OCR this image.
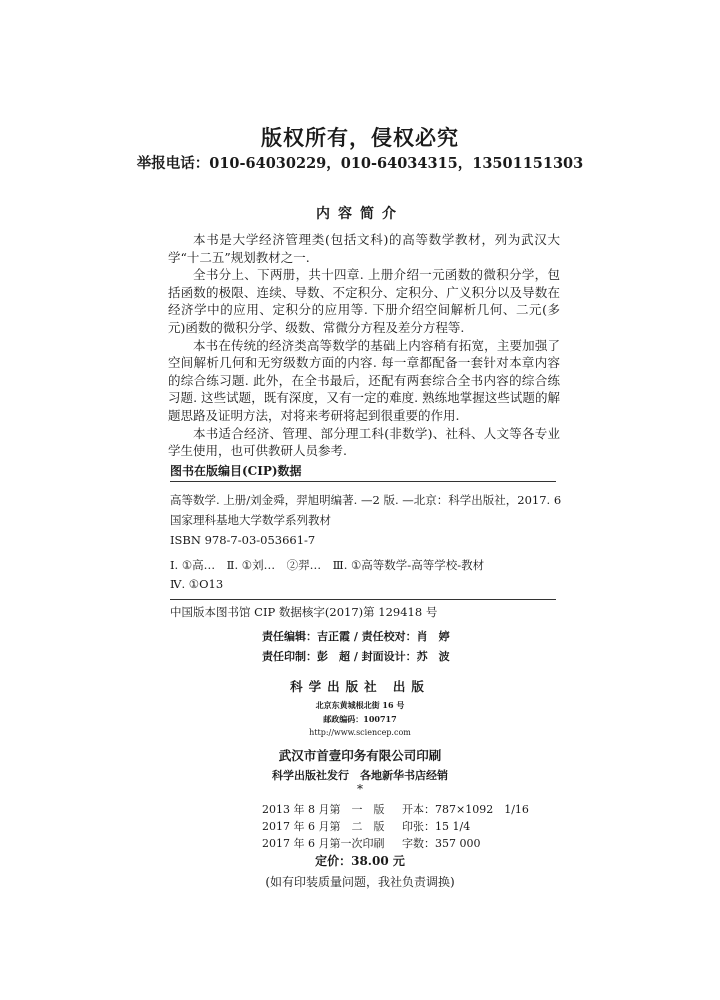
版权所有，侵权必究
举报电话：010-64030229，010-64034315，13501151303
内容简介

本书是大学经济管理类(包括文科)的高等数学教材，列为武汉大学“十二五”规划教材之一.

全书分上、下两册，共十四章. 上册介绍一元函数的微积分学，包括函数的极限、连续、导数、不定积分、定积分、广义积分以及导数在经济学中的应用、定积分的应用等. 下册介绍空间解析几何、二元(多元)函数的微积分学、级数、常微分方程及差分方程等.

本书在传统的经济类高等数学的基础上内容稍有拓宽，主要加强了空间解析几何和无穷级数方面的内容. 每一章都配备一套针对本章内容的综合练习题. 此外，在全书最后，还配有两套综合全书内容的综合练习题. 这些试题，既有深度，又有一定的难度. 熟练地掌握这些试题的解题思路及证明方法，对将来考研将起到很重要的作用.

本书适合经济、管理、部分理工科(非数学)、社科、人文等各专业学生使用，也可供教研人员参考.

图书在版编目(CIP)数据
高等数学. 上册/刘金舜，羿旭明编著. —2 版. —北京：科学出版社，2017. 6
国家理科基地大学数学系列教材
ISBN 978-7-03-053661-7
Ⅰ. ①高…　Ⅱ. ①刘…　②羿…　Ⅲ. ①高等数学-高等学校-教材
Ⅳ. ①O13
中国版本图书馆 CIP 数据核字(2017)第 129418 号
责任编辑：吉正霞 / 责任校对：肖　婷
责任印制：彭　超 / 封面设计：苏　波
科学出版社 出版
北京东黄城根北街 16 号
邮政编码：100717
http://www.sciencep.com
武汉市首壹印务有限公司印刷
科学出版社发行　各地新华书店经销
*
2013 年 8 月第　一　版 开本：787×1092　1/16
2017 年 6 月第　二　版 印张：15 1/4
2017 年 6 月第一次印刷 字数：357 000
定价：38.00 元
(如有印装质量问题，我社负责调换)
